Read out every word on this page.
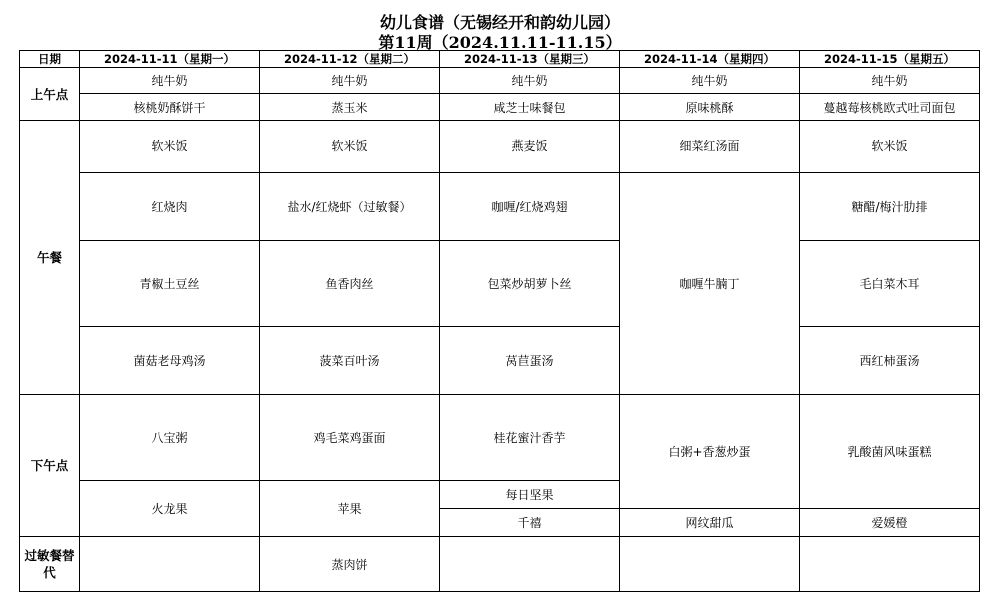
幼儿食谱（无锡经开和韵幼儿园）
第11周（2024.11.11-11.15）
日期	2024-11-11（星期一）	2024-11-12（星期二）	2024-11-13（星期三）	2024-11-14（星期四）	2024-11-15（星期五）
上午点	纯牛奶	纯牛奶	纯牛奶	纯牛奶	纯牛奶
	核桃奶酥饼干	蒸玉米	咸芝士味餐包	原味桃酥	蔓越莓核桃欧式吐司面包
午餐	软米饭	软米饭	燕麦饭	细菜红汤面	软米饭

	红烧肉	盐水/红烧虾（过敏餐）	咖喱/红烧鸡翅	咖喱牛腩丁	糖醋/梅汁肋排
	青椒土豆丝	鱼香肉丝	包菜炒胡萝卜丝		毛白菜木耳
	菌菇老母鸡汤	菠菜百叶汤	莴苣蛋汤		西红柿蛋汤
下午点	八宝粥	鸡毛菜鸡蛋面	桂花蜜汁香芋	白粥+香葱炒蛋	乳酸菌风味蛋糕
	火龙果	苹果	每日坚果		
			千禧	网纹甜瓜	爱媛橙
过敏餐替代		蒸肉饼			
